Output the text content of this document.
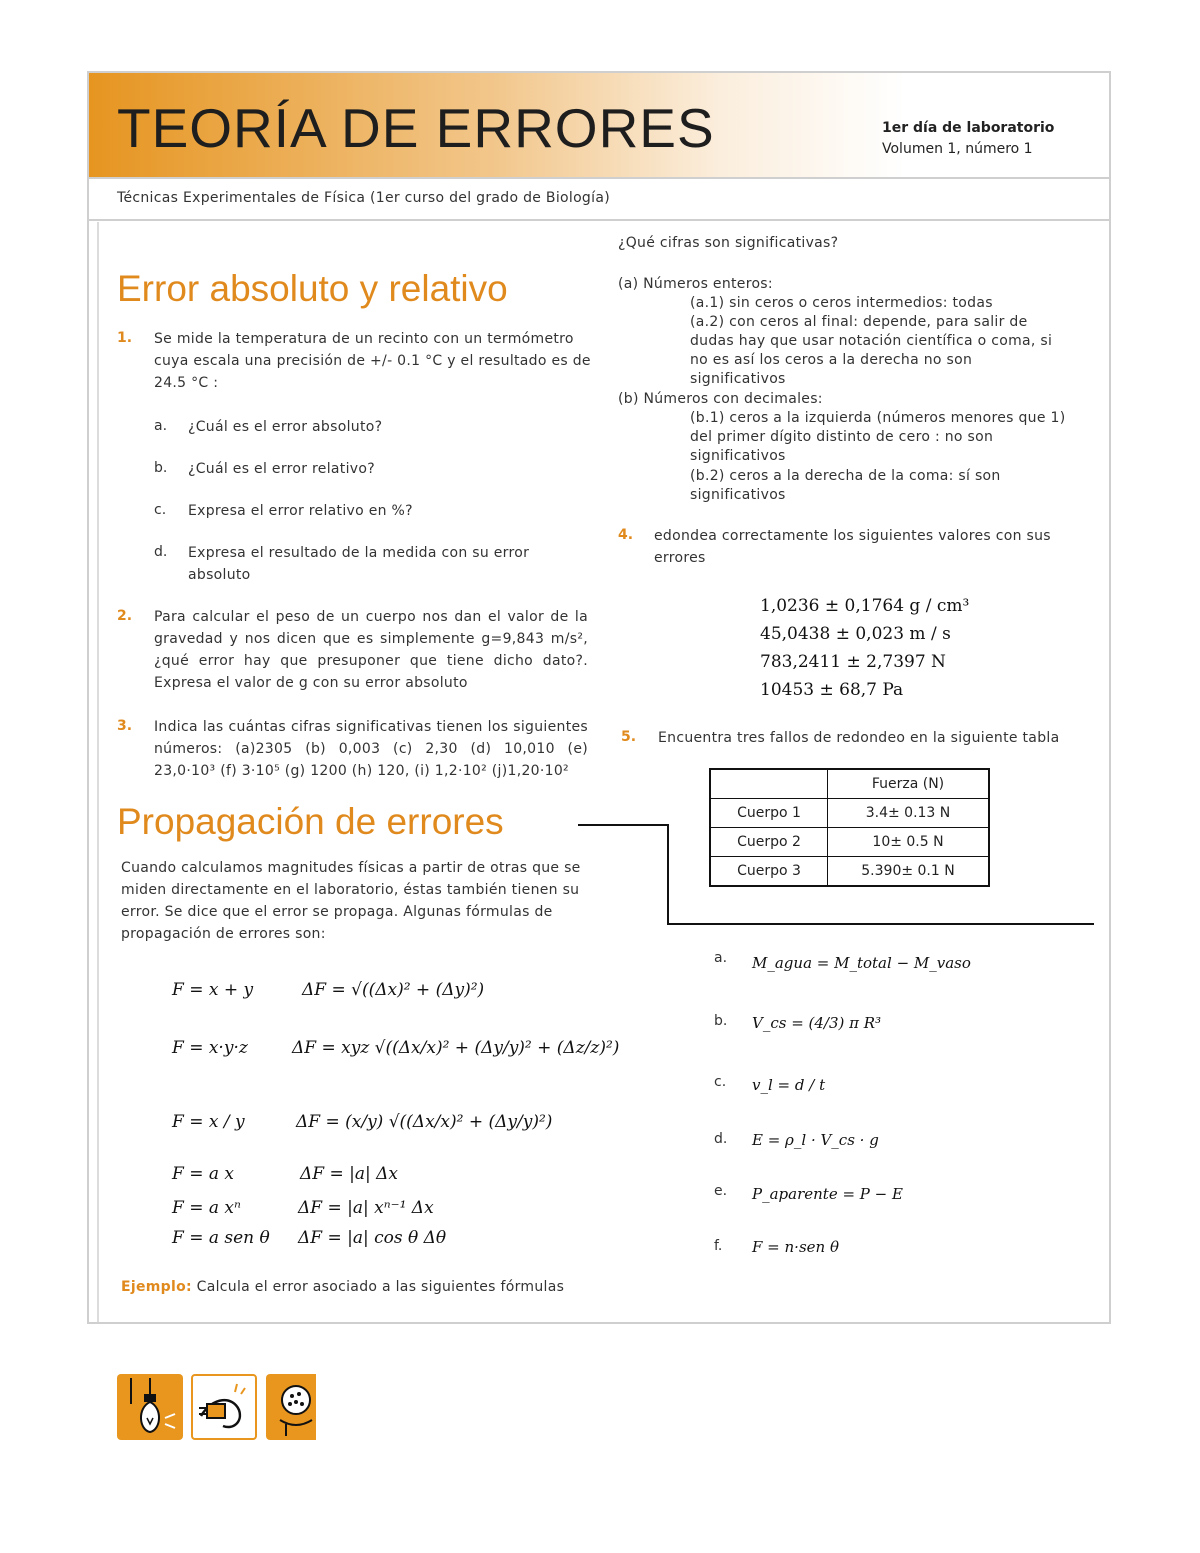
TEORÍA DE ERRORES	1er día de laboratorio
Volumen 1, número 1
Técnicas Experimentales de Física (1er curso del grado de Biología)
Error absoluto y relativo
1. Se mide la temperatura de un recinto con un termómetro cuya escala una precisión de +/- 0.1 °C y el resultado es de 24.5 °C :
a. ¿Cuál es el error absoluto?
b. ¿Cuál es el error relativo?
c. Expresa el error relativo en %?
d. Expresa el resultado de la medida con su error absoluto
2. Para calcular el peso de un cuerpo nos dan el valor de la gravedad y nos dicen que es simplemente g=9,843 m/s², ¿qué error hay que presuponer que tiene dicho dato?. Expresa el valor de g con su error absoluto
3. Indica las cuántas cifras significativas tienen los siguientes números: (a)2305 (b) 0,003 (c) 2,30 (d) 10,010 (e) 23,0·10³ (f) 3·10⁵ (g) 1200 (h) 120, (i) 1,2·10² (j)1,20·10²
Propagación de errores
Cuando calculamos magnitudes físicas a partir de otras que se miden directamente en el laboratorio, éstas también tienen su error. Se dice que el error se propaga. Algunas fórmulas de propagación de errores son:
F = x + y	ΔF = √((Δx)² + (Δy)²)
F = x·y·z	ΔF = xyz √((Δx/x)² + (Δy/y)² + (Δz/z)²)
F = x / y	ΔF = (x/y) √((Δx/x)² + (Δy/y)²)
F = a x	ΔF = |a| Δx
F = a xⁿ	ΔF = |a| xⁿ⁻¹ Δx
F = a sen θ ΔF = |a| cos θ Δθ
Ejemplo: Calcula el error asociado a las siguientes fórmulas
¿Qué cifras son significativas?
(a) Números enteros:
(a.1) sin ceros o ceros intermedios: todas
(a.2) con ceros al final: depende, para salir de dudas hay que usar notación científica o coma, si no es así los ceros a la derecha no son significativos
(b) Números con decimales:
(b.1) ceros a la izquierda (números menores que 1) del primer dígito distinto de cero : no son significativos
(b.2) ceros a la derecha de la coma: sí son significativos
4. edondea correctamente los siguientes valores con sus errores
1,0236 ± 0,1764 g / cm³
45,0438 ± 0,023 m / s
783,2411 ± 2,7397 N
10453 ± 68,7 Pa
5. Encuentra tres fallos de redondeo en la siguiente tabla
	Fuerza (N)
Cuerpo 1	3.4± 0.13 N
Cuerpo 2	10± 0.5 N
Cuerpo 3	5.390± 0.1 N
a. M_agua = M_total − M_vaso
b. V_cs = (4/3) π R³
c. v_l = d / t
d. E = ρ_l · V_cs · g
e. P_aparente = P − E
f. F = n·sen θ
